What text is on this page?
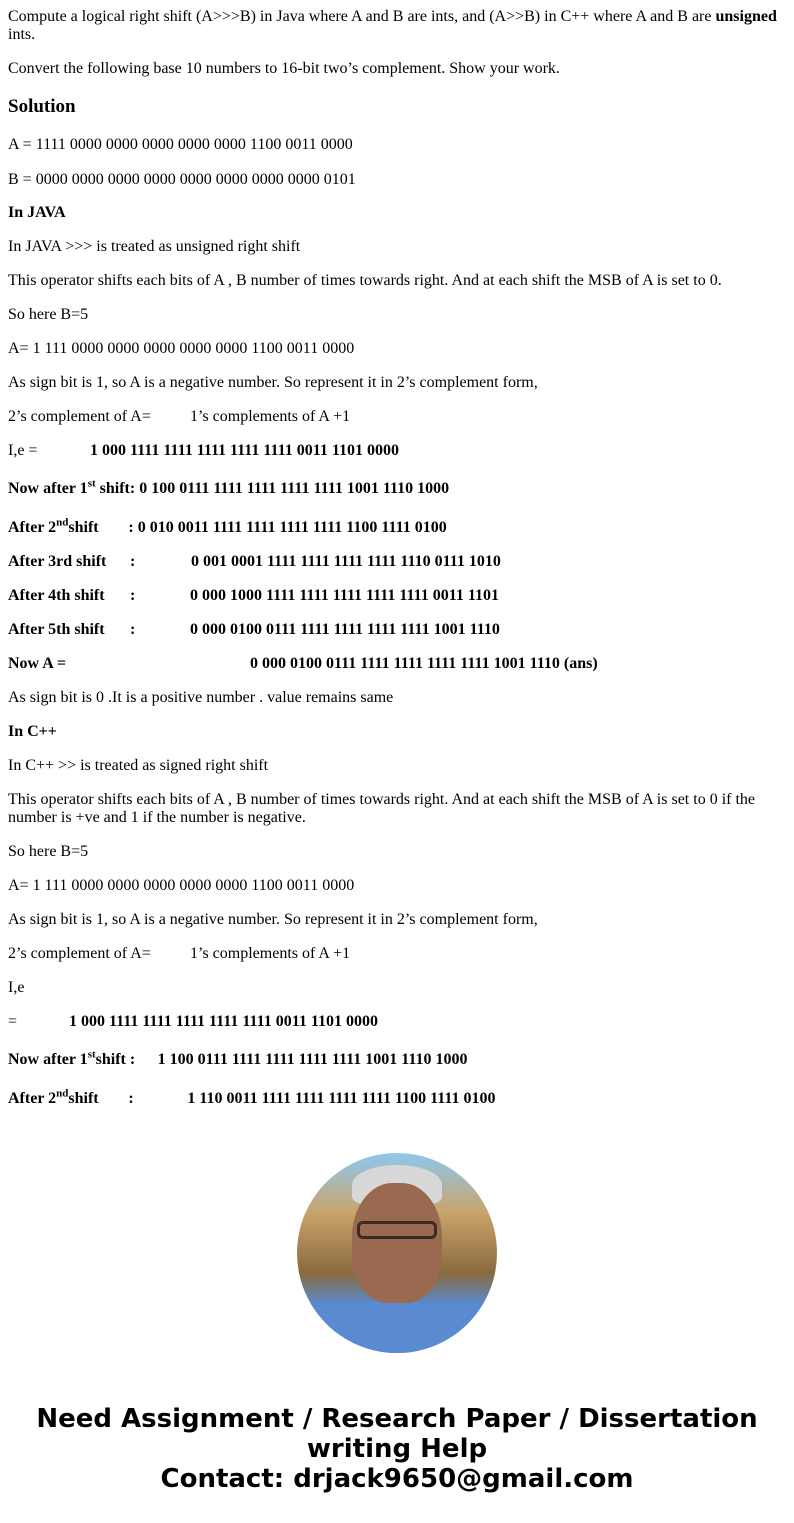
Compute a logical right shift (A>>>B) in Java where A and B are ints, and (A>>B) in C++ where A and B are unsigned
ints.
Convert the following base 10 numbers to 16-bit two’s complement. Show your work.
Solution
A = 1111 0000 0000 0000 0000 0000 1100 0011 0000
B = 0000 0000 0000 0000 0000 0000 0000 0000 0101
In JAVA
In JAVA >>> is treated as unsigned right shift
This operator shifts each bits of A , B number of times towards right. And at each shift the MSB of A is set to 0.
So here B=5
A= 1 111 0000 0000 0000 0000 0000 1100 0011 0000
As sign bit is 1, so A is a negative number. So represent it in 2’s complement form,
2’s complement of A= 1’s complements of A +1
I,e =	1 000 1111 1111 1111 1111 1111 0011 1101 0000
Now after 1st shift: 0 100 0111 1111 1111 1111 1111 1001 1110 1000
After 2ndshift : 0 010 0011 1111 1111 1111 1111 1100 1111 0100
After 3rd shift :	0 001 0001 1111 1111 1111 1111 1110 0111 1010
After 4th shift :	0 000 1000 1111 1111 1111 1111 1111 0011 1101
After 5th shift :	0 000 0100 0111 1111 1111 1111 1111 1001 1110
Now A =	0 000 0100 0111 1111 1111 1111 1111 1001 1110 (ans)
As sign bit is 0 .It is a positive number . value remains same
In C++
In C++ >> is treated as signed right shift
This operator shifts each bits of A , B number of times towards right. And at each shift the MSB of A is set to 0 if the
number is +ve and 1 if the number is negative.
So here B=5
A= 1 111 0000 0000 0000 0000 0000 1100 0011 0000
As sign bit is 1, so A is a negative number. So represent it in 2’s complement form,
2’s complement of A= 1’s complements of A +1
I,e
=	1 000 1111 1111 1111 1111 1111 0011 1101 0000
Now after 1stshift : 1 100 0111 1111 1111 1111 1111 1001 1110 1000
After 2ndshift :	1 110 0011 1111 1111 1111 1111 1100 1111 0100
Need Assignment / Research Paper / Dissertation
writing Help
Contact: drjack9650@gmail.com
